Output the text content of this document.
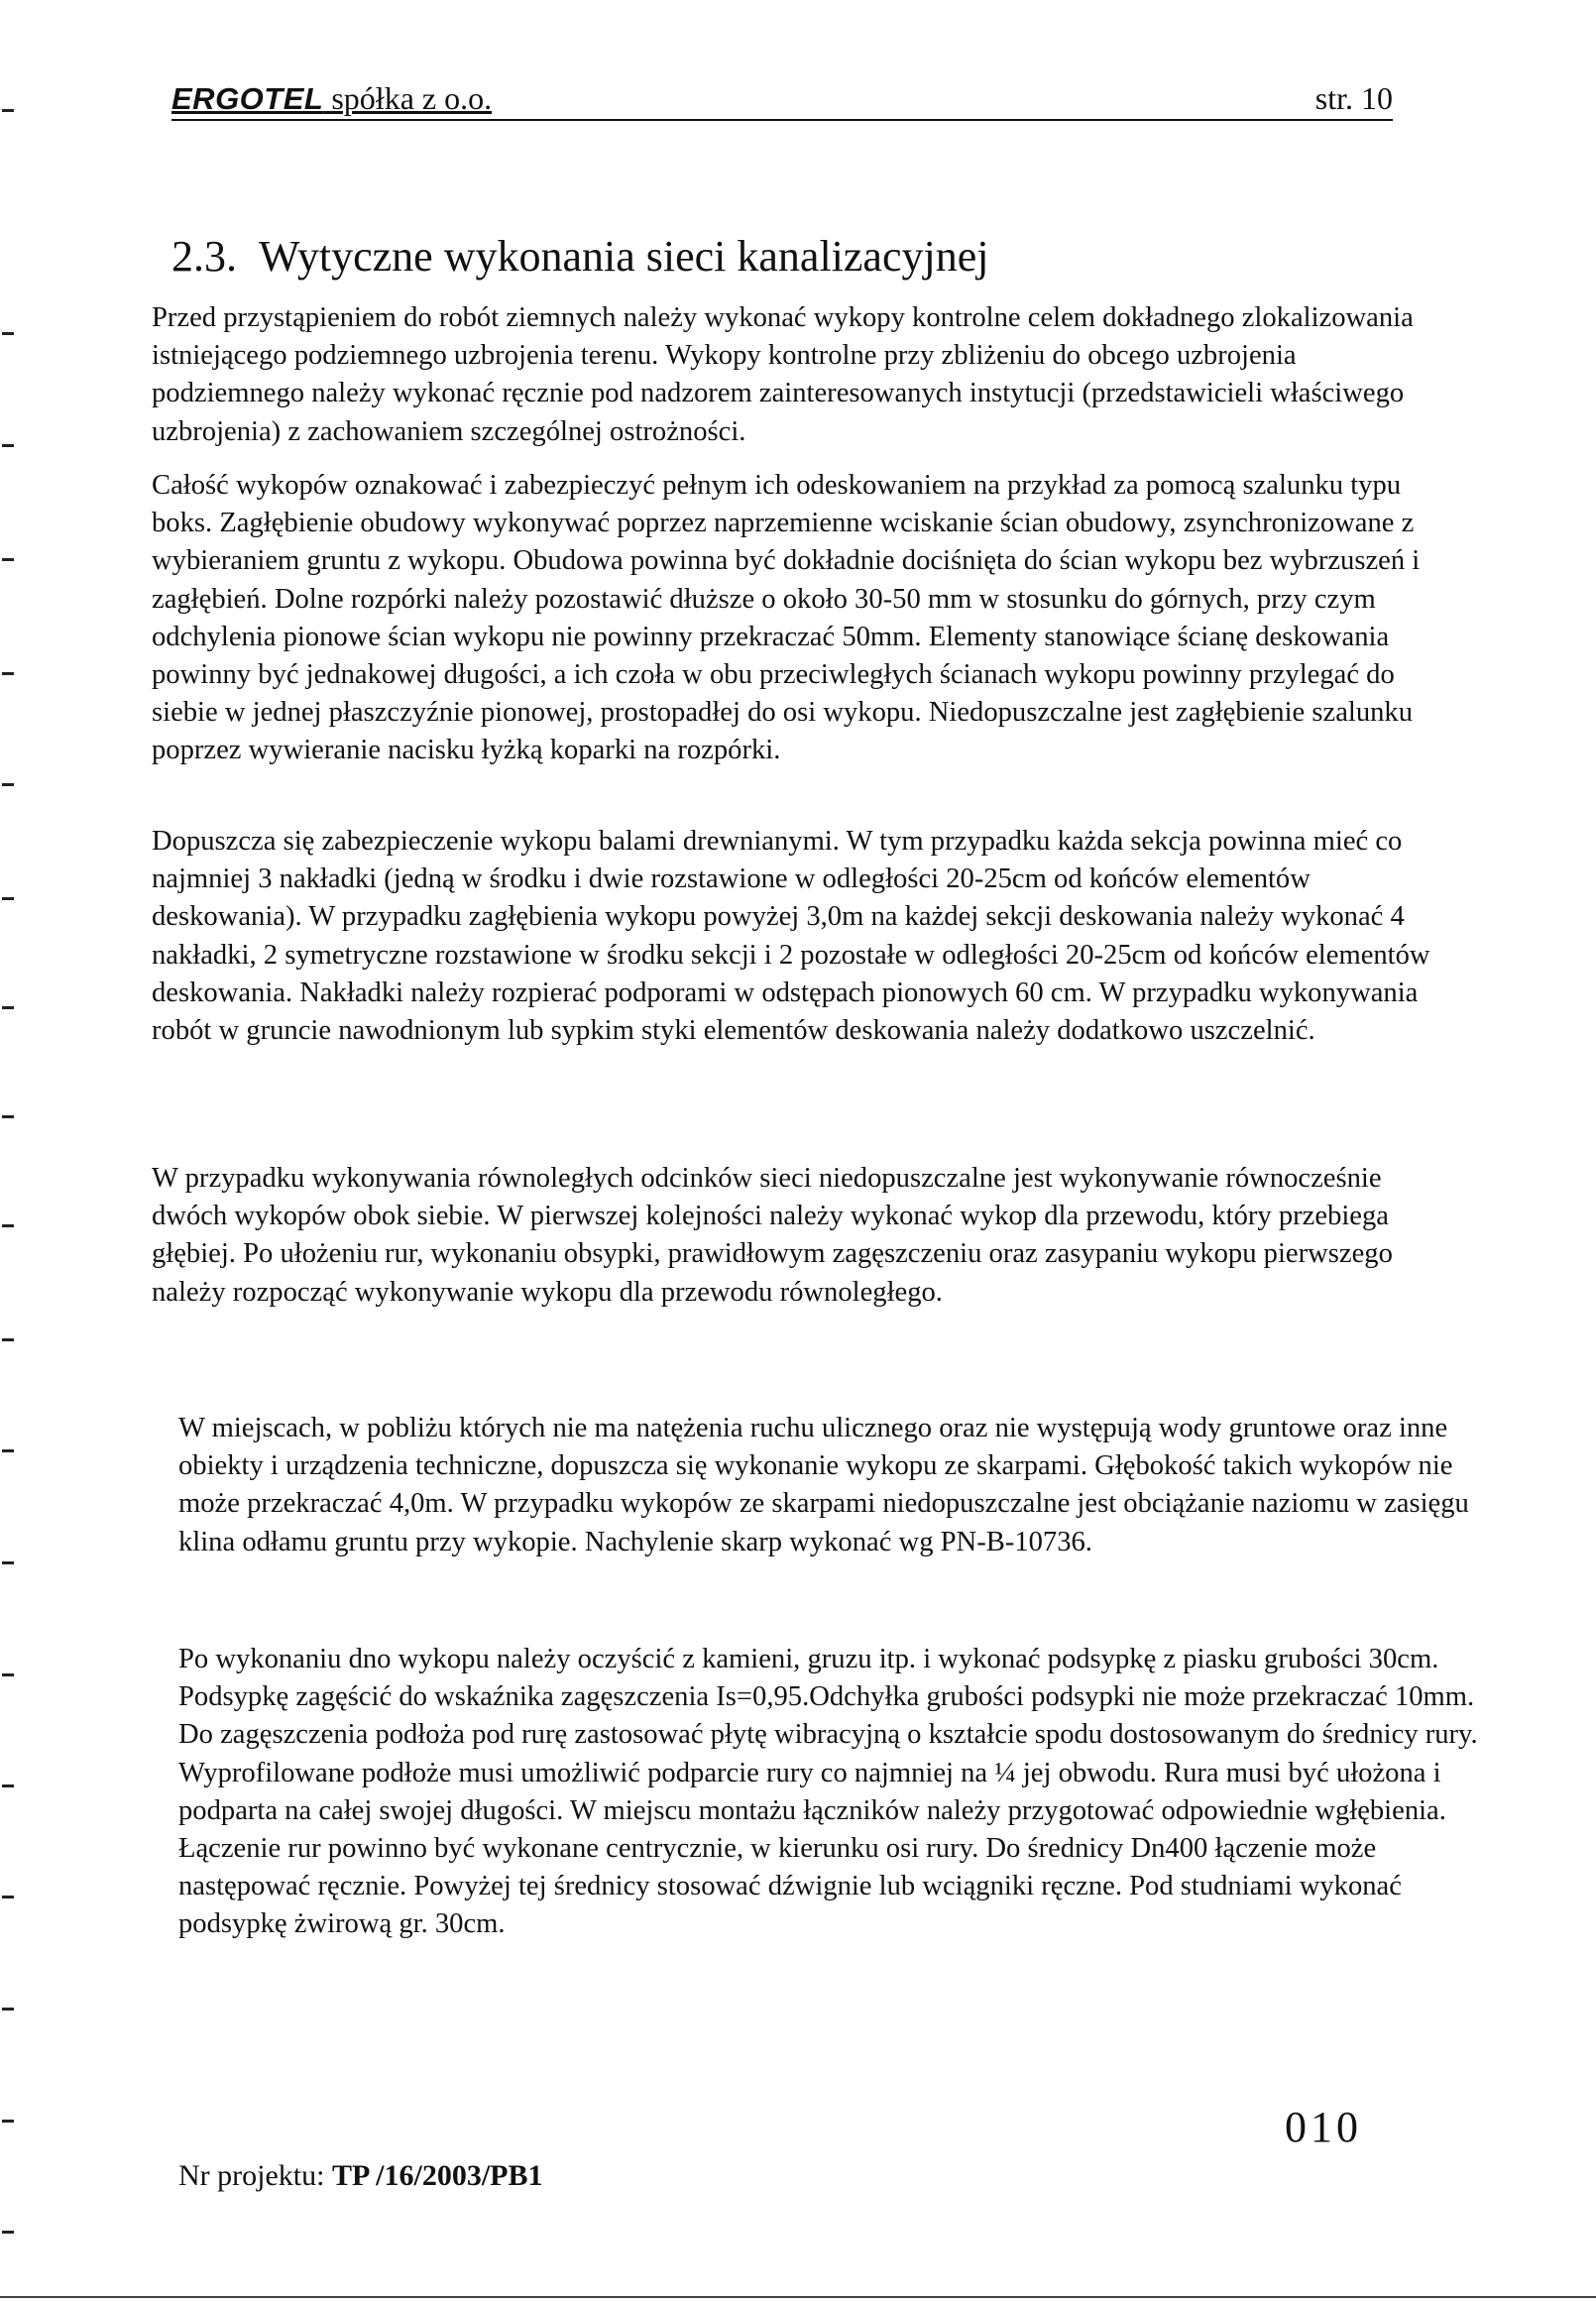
ERGOTEL spółka z o.o.	str. 10
2.3. Wytyczne wykonania sieci kanalizacyjnej

Przed przystąpieniem do robót ziemnych należy wykonać wykopy kontrolne celem dokładnego zlokalizowania istniejącego podziemnego uzbrojenia terenu. Wykopy kontrolne przy zbliżeniu do obcego uzbrojenia podziemnego należy wykonać ręcznie pod nadzorem zainteresowanych instytucji (przedstawicieli właściwego uzbrojenia) z zachowaniem szczególnej ostrożności.

Całość wykopów oznakować i zabezpieczyć pełnym ich odeskowaniem na przykład za pomocą szalunku typu boks. Zagłębienie obudowy wykonywać poprzez naprzemienne wciskanie ścian obudowy, zsynchronizowane z wybieraniem gruntu z wykopu. Obudowa powinna być dokładnie dociśnięta do ścian wykopu bez wybrzuszeń i zagłębień. Dolne rozpórki należy pozostawić dłuższe o około 30-50 mm w stosunku do górnych, przy czym odchylenia pionowe ścian wykopu nie powinny przekraczać 50mm. Elementy stanowiące ścianę deskowania powinny być jednakowej długości, a ich czoła w obu przeciwległych ścianach wykopu powinny przylegać do siebie w jednej płaszczyźnie pionowej, prostopadłej do osi wykopu. Niedopuszczalne jest zagłębienie szalunku poprzez wywieranie nacisku łyżką koparki na rozpórki.

Dopuszcza się zabezpieczenie wykopu balami drewnianymi. W tym przypadku każda sekcja powinna mieć co najmniej 3 nakładki (jedną w środku i dwie rozstawione w odległości 20-25cm od końców elementów deskowania). W przypadku zagłębienia wykopu powyżej 3,0m na każdej sekcji deskowania należy wykonać 4 nakładki, 2 symetryczne rozstawione w środku sekcji i 2 pozostałe w odległości 20-25cm od końców elementów deskowania. Nakładki należy rozpierać podporami w odstępach pionowych 60 cm. W przypadku wykonywania robót w gruncie nawodnionym lub sypkim styki elementów deskowania należy dodatkowo uszczelnić.

W przypadku wykonywania równoległych odcinków sieci niedopuszczalne jest wykonywanie równocześnie dwóch wykopów obok siebie. W pierwszej kolejności należy wykonać wykop dla przewodu, który przebiega głębiej. Po ułożeniu rur, wykonaniu obsypki, prawidłowym zagęszczeniu oraz zasypaniu wykopu pierwszego należy rozpocząć wykonywanie wykopu dla przewodu równoległego.

W miejscach, w pobliżu których nie ma natężenia ruchu ulicznego oraz nie występują wody gruntowe oraz inne obiekty i urządzenia techniczne, dopuszcza się wykonanie wykopu ze skarpami. Głębokość takich wykopów nie może przekraczać 4,0m. W przypadku wykopów ze skarpami niedopuszczalne jest obciążanie naziomu w zasięgu klina odłamu gruntu przy wykopie. Nachylenie skarp wykonać wg PN-B-10736.

Po wykonaniu dno wykopu należy oczyścić z kamieni, gruzu itp. i wykonać podsypkę z piasku grubości 30cm. Podsypkę zagęścić do wskaźnika zagęszczenia Is=0,95.Odchyłka grubości podsypki nie może przekraczać 10mm. Do zagęszczenia podłoża pod rurę zastosować płytę wibracyjną o kształcie spodu dostosowanym do średnicy rury. Wyprofilowane podłoże musi umożliwić podparcie rury co najmniej na ¼ jej obwodu. Rura musi być ułożona i podparta na całej swojej długości. W miejscu montażu łączników należy przygotować odpowiednie wgłębienia. Łączenie rur powinno być wykonane centrycznie, w kierunku osi rury. Do średnicy Dn400 łączenie może następować ręcznie. Powyżej tej średnicy stosować dźwignie lub wciągniki ręczne. Pod studniami wykonać podsypkę żwirową gr. 30cm.

010
Nr projektu: TP /16/2003/PB1
